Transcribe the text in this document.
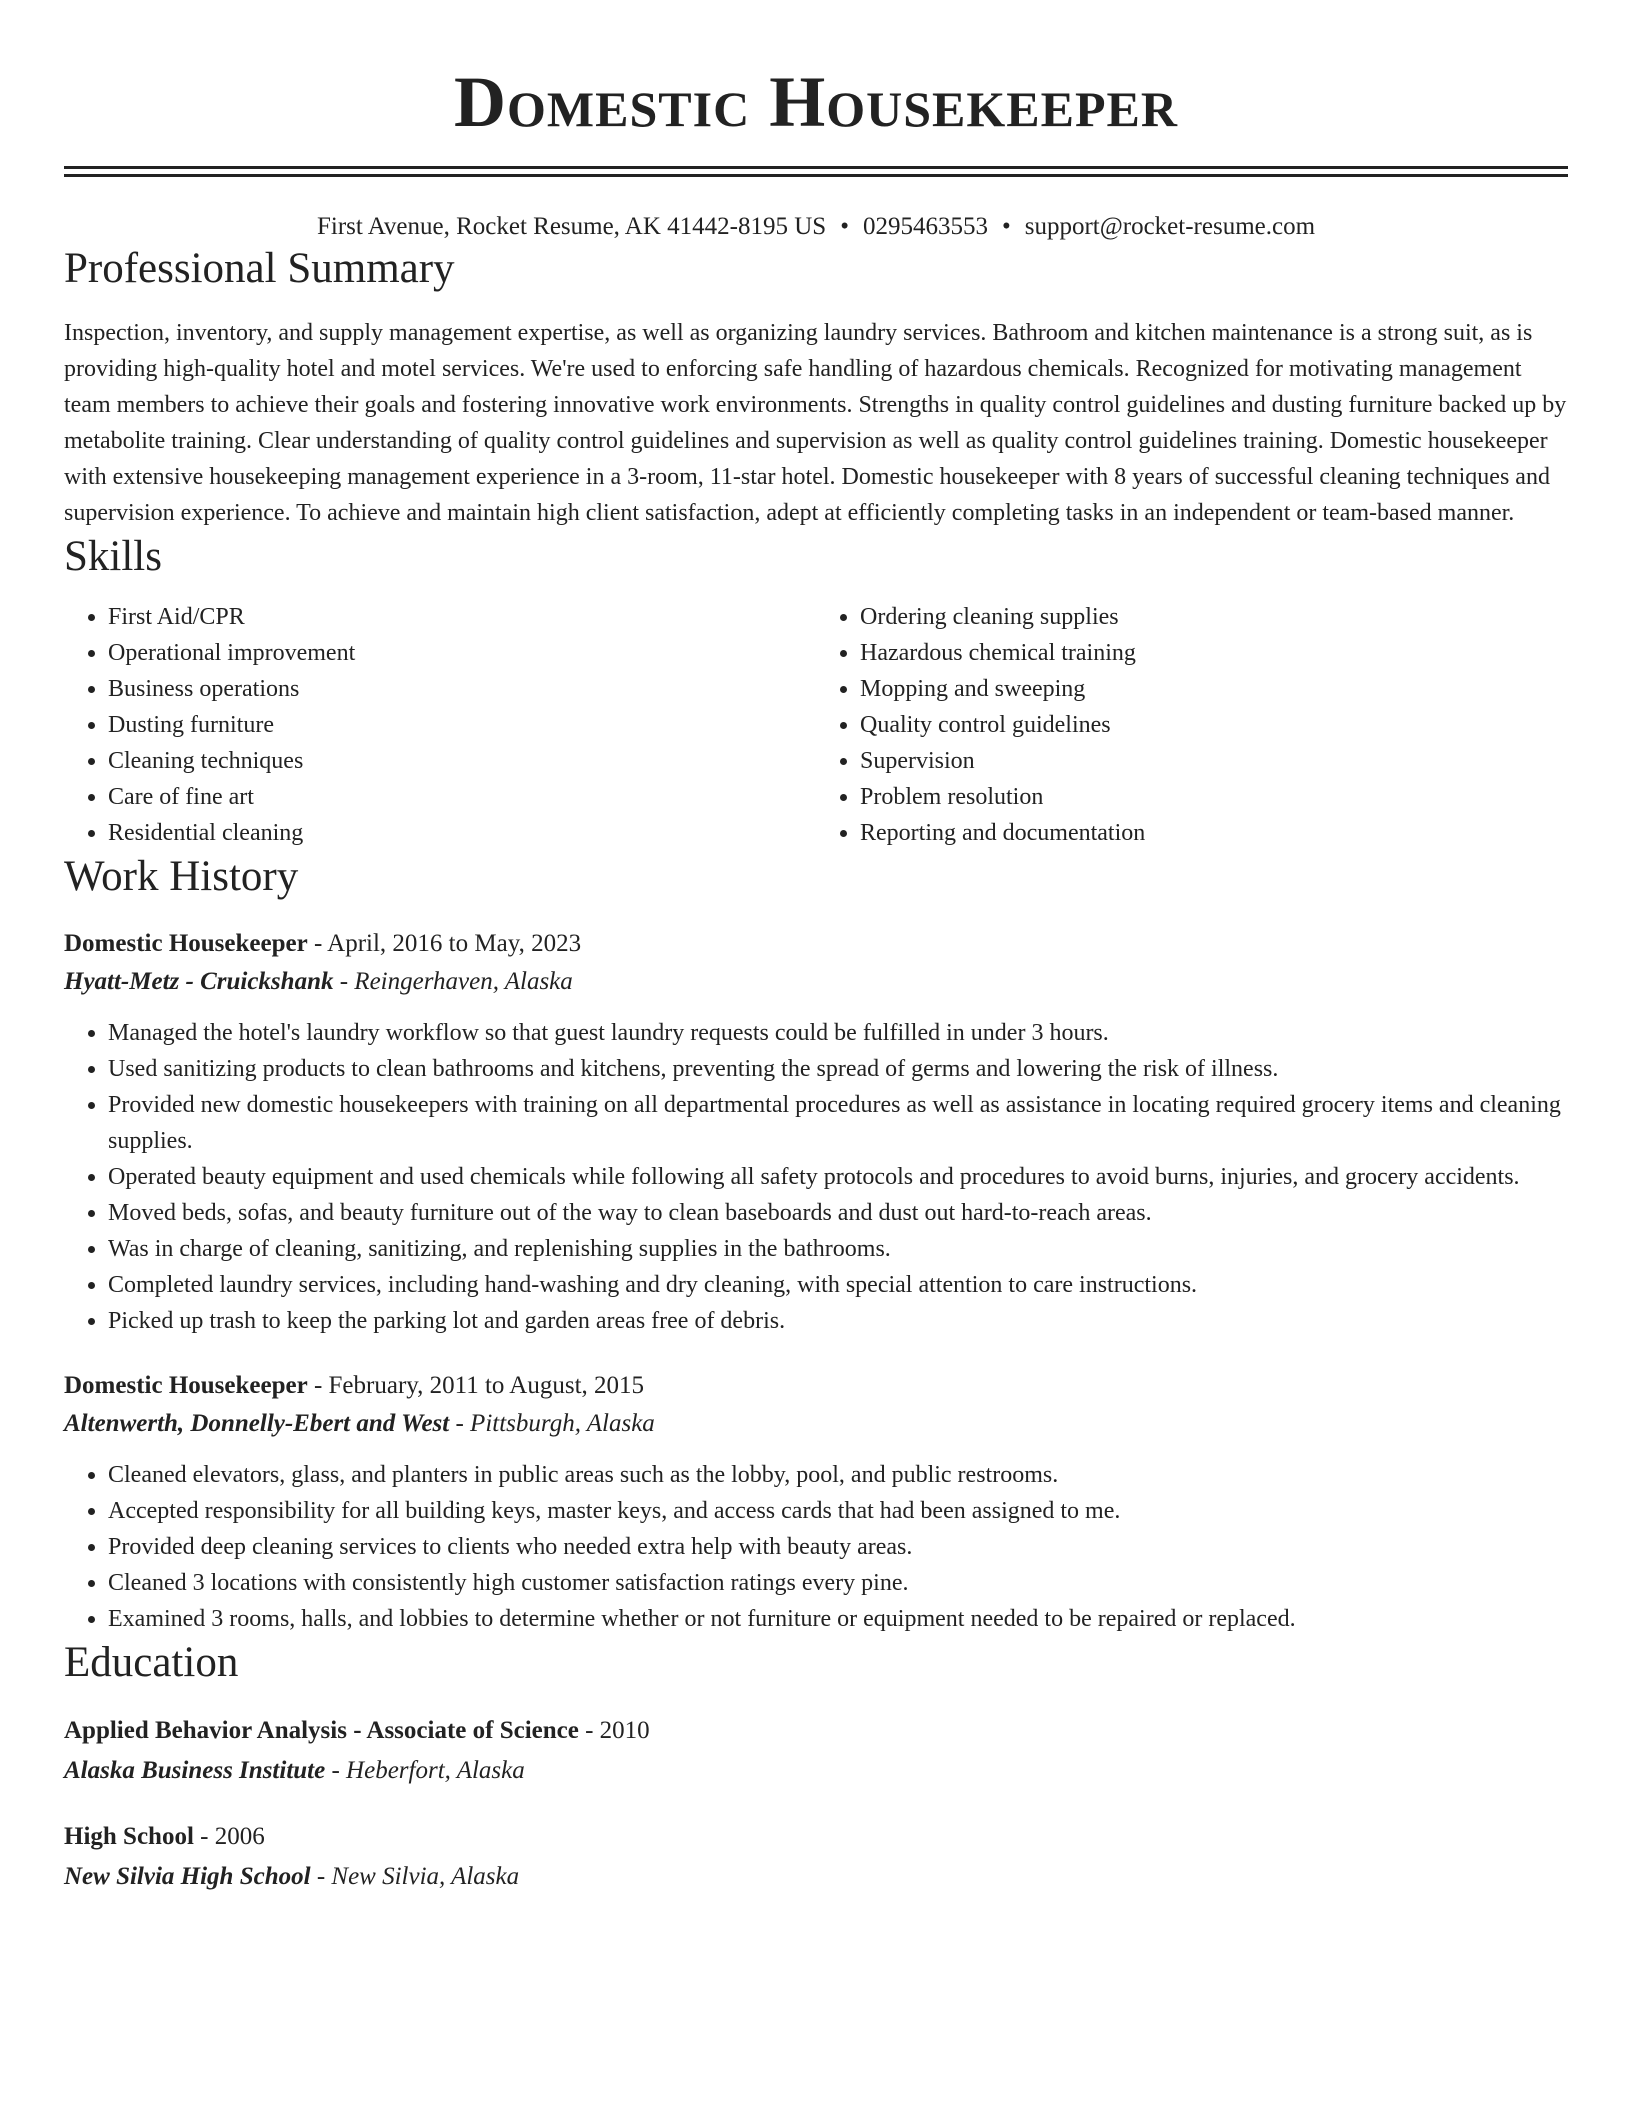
Domestic Housekeeper
First Avenue, Rocket Resume, AK 41442-8195 US • 0295463553 • support@rocket-resume.com
Professional Summary
Inspection, inventory, and supply management expertise, as well as organizing laundry services. Bathroom and kitchen maintenance is a strong suit, as is providing high-quality hotel and motel services. We're used to enforcing safe handling of hazardous chemicals. Recognized for motivating management team members to achieve their goals and fostering innovative work environments. Strengths in quality control guidelines and dusting furniture backed up by metabolite training. Clear understanding of quality control guidelines and supervision as well as quality control guidelines training. Domestic housekeeper with extensive housekeeping management experience in a 3-room, 11-star hotel. Domestic housekeeper with 8 years of successful cleaning techniques and supervision experience. To achieve and maintain high client satisfaction, adept at efficiently completing tasks in an independent or team-based manner.
Skills
• First Aid/CPR
• Operational improvement
• Business operations
• Dusting furniture
• Cleaning techniques
• Care of fine art
• Residential cleaning
• Ordering cleaning supplies
• Hazardous chemical training
• Mopping and sweeping
• Quality control guidelines
• Supervision
• Problem resolution
• Reporting and documentation
Work History
Domestic Housekeeper - April, 2016 to May, 2023
Hyatt-Metz - Cruickshank - Reingerhaven, Alaska
• Managed the hotel's laundry workflow so that guest laundry requests could be fulfilled in under 3 hours.
• Used sanitizing products to clean bathrooms and kitchens, preventing the spread of germs and lowering the risk of illness.
• Provided new domestic housekeepers with training on all departmental procedures as well as assistance in locating required grocery items and cleaning supplies.
• Operated beauty equipment and used chemicals while following all safety protocols and procedures to avoid burns, injuries, and grocery accidents.
• Moved beds, sofas, and beauty furniture out of the way to clean baseboards and dust out hard-to-reach areas.
• Was in charge of cleaning, sanitizing, and replenishing supplies in the bathrooms.
• Completed laundry services, including hand-washing and dry cleaning, with special attention to care instructions.
• Picked up trash to keep the parking lot and garden areas free of debris.
Domestic Housekeeper - February, 2011 to August, 2015
Altenwerth, Donnelly-Ebert and West - Pittsburgh, Alaska
• Cleaned elevators, glass, and planters in public areas such as the lobby, pool, and public restrooms.
• Accepted responsibility for all building keys, master keys, and access cards that had been assigned to me.
• Provided deep cleaning services to clients who needed extra help with beauty areas.
• Cleaned 3 locations with consistently high customer satisfaction ratings every pine.
• Examined 3 rooms, halls, and lobbies to determine whether or not furniture or equipment needed to be repaired or replaced.
Education
Applied Behavior Analysis - Associate of Science - 2010
Alaska Business Institute - Heberfort, Alaska
High School - 2006
New Silvia High School - New Silvia, Alaska
